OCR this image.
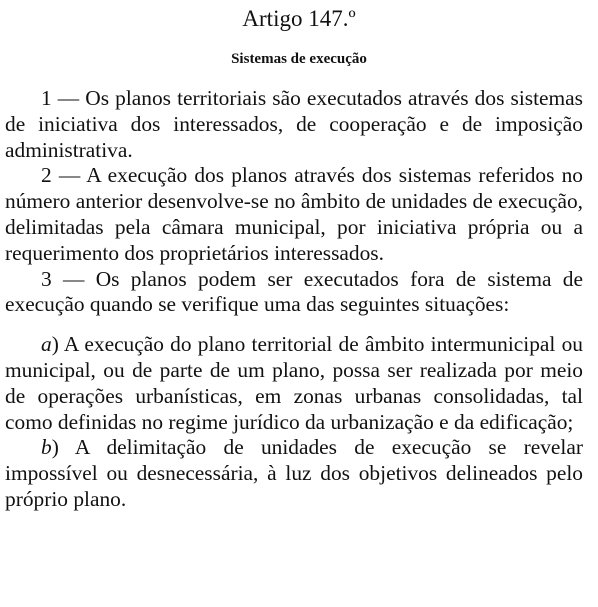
Artigo 147.º
Sistemas de execução

1 — Os planos territoriais são executados através dos sistemas de iniciativa dos interessados, de cooperação e de imposição administrativa.

2 — A execução dos planos através dos sistemas referidos no número anterior desenvolve-se no âmbito de unidades de execução, delimitadas pela câmara municipal, por iniciativa própria ou a requerimento dos proprietários interessados.

3 — Os planos podem ser executados fora de sistema de execução quando se verifique uma das seguintes situações:

a) A execução do plano territorial de âmbito intermunicipal ou municipal, ou de parte de um plano, possa ser realizada por meio de operações urbanísticas, em zonas urbanas consolidadas, tal como definidas no regime jurídico da urbanização e da edificação;

b) A delimitação de unidades de execução se revelar impossível ou desnecessária, à luz dos objetivos delineados pelo próprio plano.
